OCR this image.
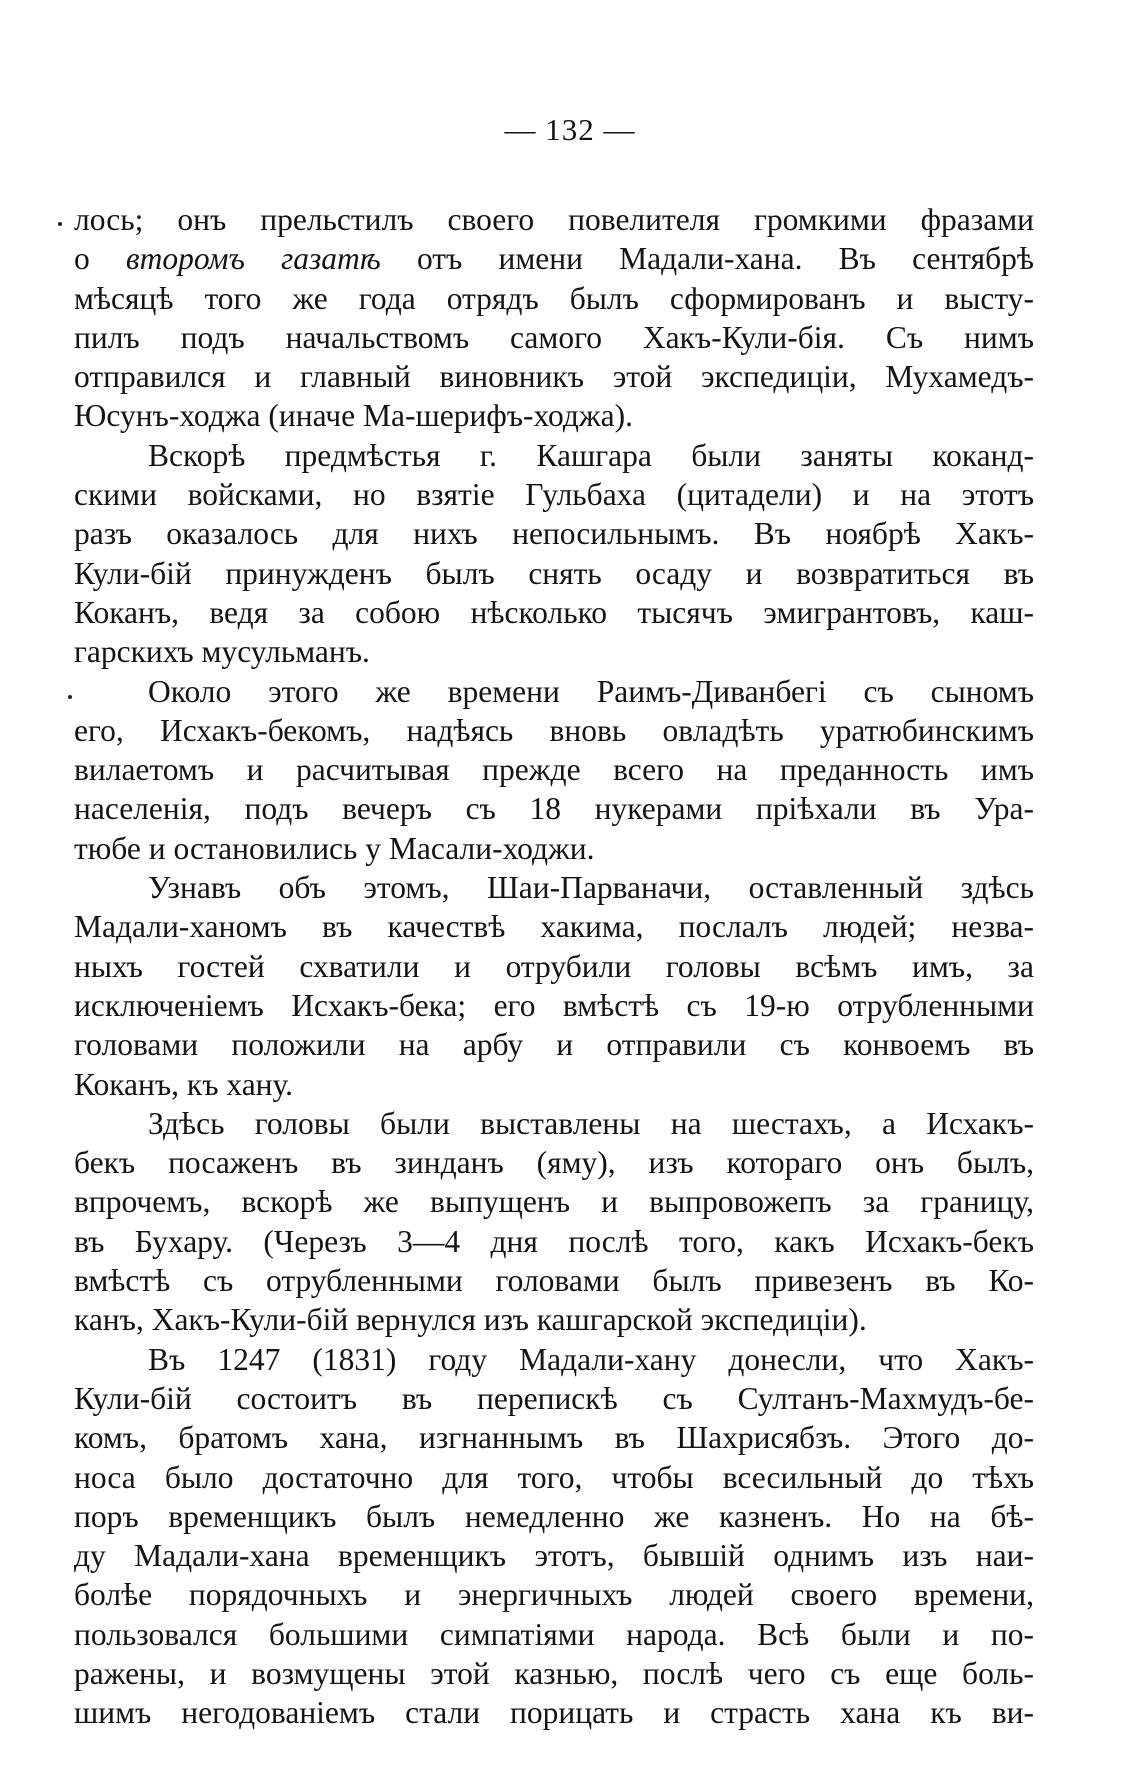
— 132 —
лось; онъ прельстилъ своего повелителя громкими фразами
о второмъ газатѣ отъ имени Мадали-хана. Въ сентябрѣ
мѣсяцѣ того же года отрядъ былъ сформированъ и высту-
пилъ подъ начальствомъ самого Хакъ-Кули-бія. Съ нимъ
отправился и главный виновникъ этой экспедиціи, Мухамедъ-
Юсунъ-ходжа (иначе Ма-шерифъ-ходжа).
Вскорѣ предмѣстья г. Кашгара были заняты коканд-
скими войсками, но взятіе Гульбаха (цитадели) и на этотъ
разъ оказалось для нихъ непосильнымъ. Въ ноябрѣ Хакъ-
Кули-бій принужденъ былъ снять осаду и возвратиться въ
Коканъ, ведя за собою нѣсколько тысячъ эмигрантовъ, каш-
гарскихъ мусульманъ.
Около этого же времени Раимъ-Диванбегі съ сыномъ
его, Исхакъ-бекомъ, надѣясь вновь овладѣть уратюбинскимъ
вилаетомъ и расчитывая прежде всего на преданность имъ
населенія, подъ вечеръ съ 18 нукерами пріѣхали въ Ура-
тюбе и остановились у Масали-ходжи.
Узнавъ объ этомъ, Шаи-Парваначи, оставленный здѣсь
Мадали-ханомъ въ качествѣ хакима, послалъ людей; незва-
ныхъ гостей схватили и отрубили головы всѣмъ имъ, за
исключеніемъ Исхакъ-бека; его вмѣстѣ съ 19-ю отрубленными
головами положили на арбу и отправили съ конвоемъ въ
Коканъ, къ хану.
Здѣсь головы были выставлены на шестахъ, а Исхакъ-
бекъ посаженъ въ зинданъ (яму), изъ котораго онъ былъ,
впрочемъ, вскорѣ же выпущенъ и выпровожепъ за границу,
въ Бухару. (Черезъ 3—4 дня послѣ того, какъ Исхакъ-бекъ
вмѣстѣ съ отрубленными головами былъ привезенъ въ Ко-
канъ, Хакъ-Кули-бій вернулся изъ кашгарской экспедиціи).
Въ 1247 (1831) году Мадали-хану донесли, что Хакъ-
Кули-бій состоитъ въ перепискѣ съ Султанъ-Махмудъ-бе-
комъ, братомъ хана, изгнаннымъ въ Шахрисябзъ. Этого до-
носа было достаточно для того, чтобы всесильный до тѣхъ
поръ временщикъ былъ немедленно же казненъ. Но на бѣ-
ду Мадали-хана временщикъ этотъ, бывшій однимъ изъ наи-
болѣе порядочныхъ и энергичныхъ людей своего времени,
пользовался большими симпатіями народа. Всѣ были и по-
ражены, и возмущены этой казнью, послѣ чего съ еще боль-
шимъ негодованіемъ стали порицать и страсть хана къ ви-
